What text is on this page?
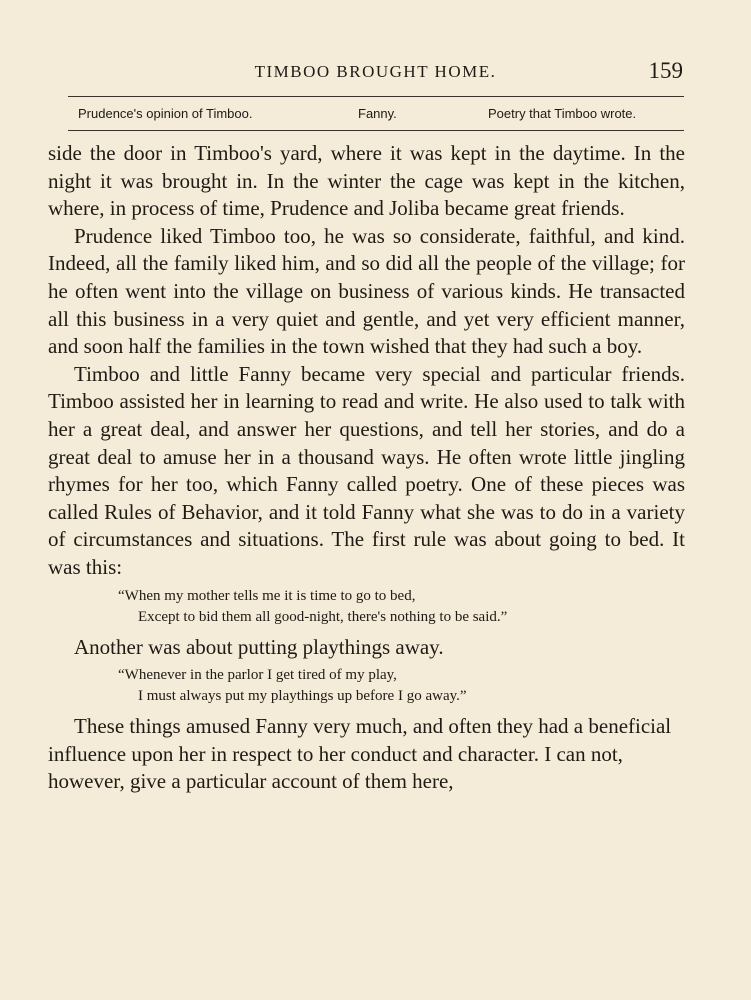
TIMBOO BROUGHT HOME.	159
Prudence's opinion of Timboo.	Fanny.	Poetry that Timboo wrote.

side the door in Timboo's yard, where it was kept in the daytime. In the night it was brought in. In the winter the cage was kept in the kitchen, where, in process of time, Prudence and Joliba became great friends.

Prudence liked Timboo too, he was so considerate, faithful, and kind. Indeed, all the family liked him, and so did all the people of the village; for he often went into the village on business of various kinds. He transacted all this business in a very quiet and gentle, and yet very efficient manner, and soon half the families in the town wished that they had such a boy.

Timboo and little Fanny became very special and particular friends. Timboo assisted her in learning to read and write. He also used to talk with her a great deal, and answer her questions, and tell her stories, and do a great deal to amuse her in a thousand ways. He often wrote little jingling rhymes for her too, which Fanny called poetry. One of these pieces was called Rules of Behavior, and it told Fanny what she was to do in a variety of circumstances and situations. The first rule was about going to bed. It was this:

“When my mother tells me it is time to go to bed,
Except to bid them all good-night, there's nothing to be said.”

Another was about putting playthings away.

“Whenever in the parlor I get tired of my play,
I must always put my playthings up before I go away.”

These things amused Fanny very much, and often they had a beneficial influence upon her in respect to her conduct and character. I can not, however, give a particular account of them here,
